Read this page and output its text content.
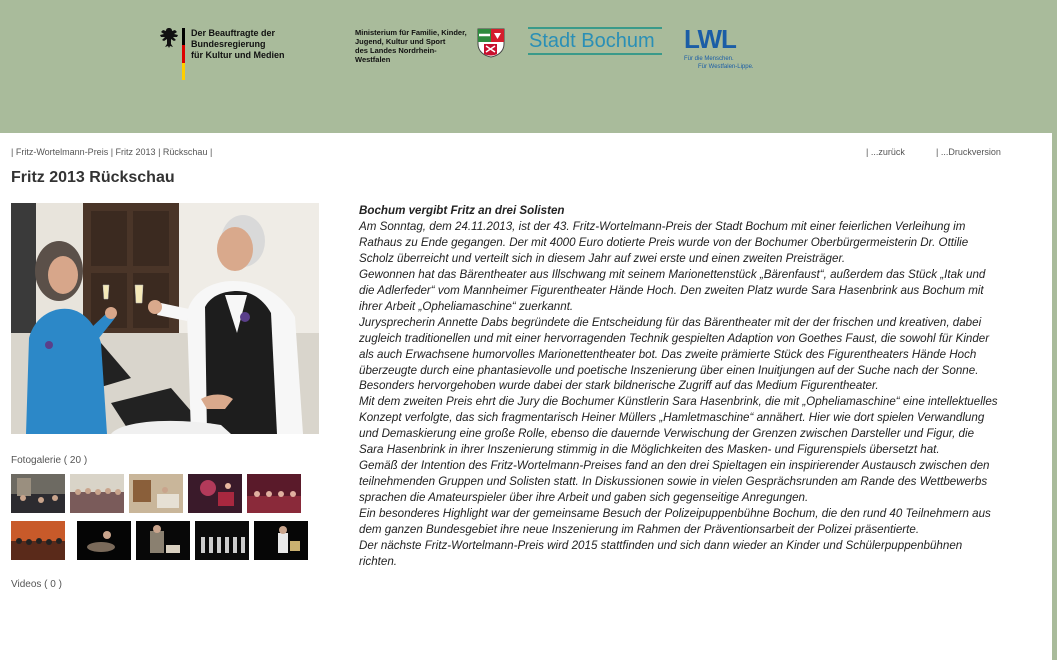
Der Beauftragte der Bundesregierung
für Kultur und Medien
Ministerium für Familie, Kinder,
Jugend, Kultur und Sport
des Landes Nordrhein-Westfalen
Stadt Bochum LWL
Für die Menschen.
Für Westfalen-Lippe.
| Fritz-Wortelmann-Preis | Fritz 2013 | Rückschau |	| ...zurück	| ...Druckversion
Fritz 2013 Rückschau
Fotogalerie ( 20 )
Videos ( 0 )

Bochum vergibt Fritz an drei Solisten

Am Sonntag, dem 24.11.2013, ist der 43. Fritz-Wortelmann-Preis der Stadt Bochum mit einer feierlichen Verleihung im Rathaus zu Ende gegangen. Der mit 4000 Euro dotierte Preis wurde von der Bochumer Oberbürgermeisterin Dr. Ottilie Scholz überreicht und verteilt sich in diesem Jahr auf zwei erste und einen zweiten Preisträger.

Gewonnen hat das Bärentheater aus Illschwang mit seinem Marionettenstück „Bärenfaust“, außerdem das Stück „Itak und die Adlerfeder“ vom Mannheimer Figurentheater Hände Hoch. Den zweiten Platz wurde Sara Hasenbrink aus Bochum mit ihrer Arbeit „Opheliamaschine“ zuerkannt.

Jurysprecherin Annette Dabs begründete die Entscheidung für das Bärentheater mit der der frischen und kreativen, dabei zugleich traditionellen und mit einer hervorragenden Technik gespielten Adaption von Goethes Faust, die sowohl für Kinder als auch Erwachsene humorvolles Marionettentheater bot. Das zweite prämierte Stück des Figurentheaters Hände Hoch überzeugte durch eine phantasievolle und poetische Inszenierung über einen Inuitjungen auf der Suche nach der Sonne. Besonders hervorgehoben wurde dabei der stark bildnerische Zugriff auf das Medium Figurentheater.

Mit dem zweiten Preis ehrt die Jury die Bochumer Künstlerin Sara Hasenbrink, die mit „Opheliamaschine“ eine intellektuelles Konzept verfolgte, das sich fragmentarisch Heiner Müllers „Hamletmaschine“ annähert. Hier wie dort spielen Verwandlung und Demaskierung eine große Rolle, ebenso die dauernde Verwischung der Grenzen zwischen Darsteller und Figur, die Sara Hasenbrink in ihrer Inszenierung stimmig in die Möglichkeiten des Masken- und Figurenspiels übersetzt hat.

Gemäß der Intention des Fritz-Wortelmann-Preises fand an den drei Spieltagen ein inspirierender Austausch zwischen den teilnehmenden Gruppen und Solisten statt. In Diskussionen sowie in vielen Gesprächsrunden am Rande des Wettbewerbs sprachen die Amateurspieler über ihre Arbeit und gaben sich gegenseitige Anregungen.

Ein besonderes Highlight war der gemeinsame Besuch der Polizeipuppenbühne Bochum, die den rund 40 Teilnehmern aus dem ganzen Bundesgebiet ihre neue Inszenierung im Rahmen der Präventionsarbeit der Polizei präsentierte.

Der nächste Fritz-Wortelmann-Preis wird 2015 stattfinden und sich dann wieder an Kinder und Schülerpuppenbühnen richten.
